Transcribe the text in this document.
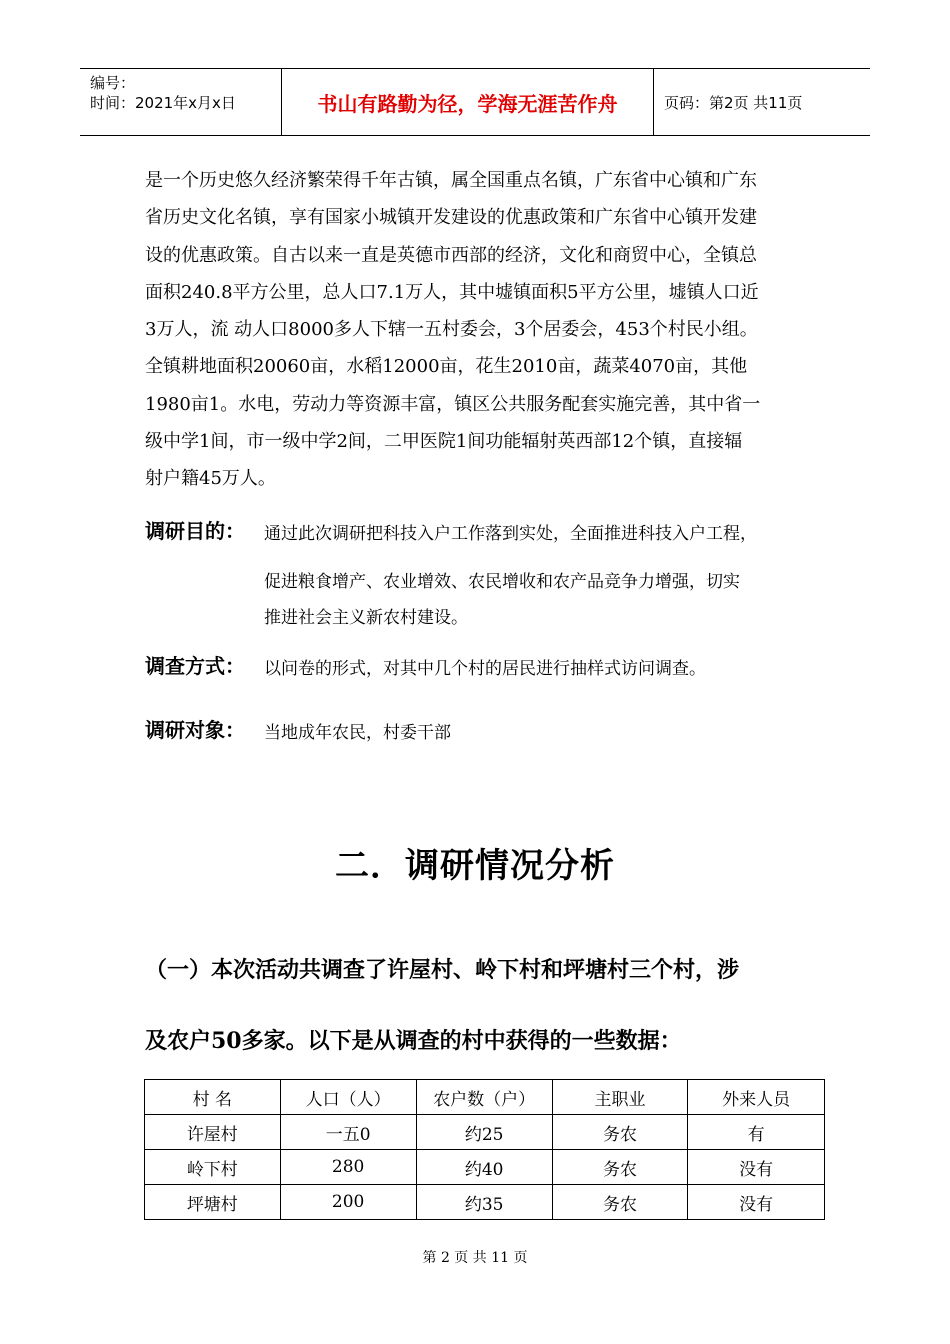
编号：
时间：2021年x月x日	书山有路勤为径，学海无涯苦作舟	页码：第2页 共11页
是一个历史悠久经济繁荣得千年古镇，属全国重点名镇，广东省中心镇和广东
省历史文化名镇，享有国家小城镇开发建设的优惠政策和广东省中心镇开发建
设的优惠政策。自古以来一直是英德市西部的经济，文化和商贸中心，全镇总
面积240.8平方公里，总人口7.1万人，其中墟镇面积5平方公里，墟镇人口近
3万人，流 动人口8000多人下辖一五村委会，3个居委会，453个村民小组。
全镇耕地面积20060亩，水稻12000亩，花生2010亩，蔬菜4070亩，其他
1980亩1。水电，劳动力等资源丰富，镇区公共服务配套实施完善，其中省一
级中学1间，市一级中学2间，二甲医院1间功能辐射英西部12个镇，直接辐
射户籍45万人。
调研目的： 通过此次调研把科技入户工作落到实处，全面推进科技入户工程，
促进粮食增产、农业增效、农民增收和农产品竞争力增强，切实
推进社会主义新农村建设。
调查方式： 以问卷的形式，对其中几个村的居民进行抽样式访问调查。
调研对象： 当地成年农民，村委干部
二．调研情况分析
（一）本次活动共调查了许屋村、岭下村和坪塘村三个村，涉
及农户50多家。以下是从调查的村中获得的一些数据：
村 名	人口（人）	农户数（户）	主职业	外来人员
许屋村	一五0	约25	务农	有
岭下村	280	约40	务农	没有
坪塘村	200	约35	务农	没有
第 2 页 共 11 页
